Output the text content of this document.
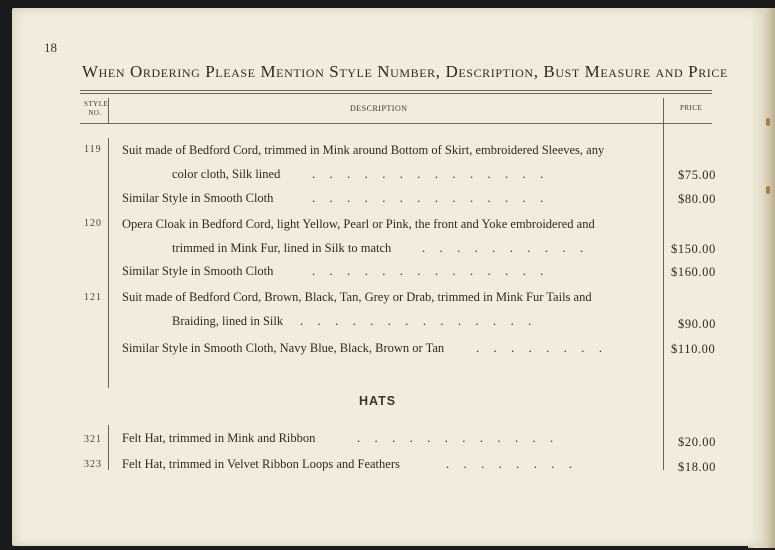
18
When Ordering Please Mention Style Number, Description, Bust Measure and Price
STYLE
NO.	DESCRIPTION	PRICE
119 Suit made of Bedford Cord, trimmed in Mink around Bottom of Skirt, embroidered Sleeves, any
color cloth, Silk lined	. . . . . . . . . . . . . .	$75.00
Similar Style in Smooth Cloth	. . . . . . . . . . . . . .	$80.00
120 Opera Cloak in Bedford Cord, light Yellow, Pearl or Pink, the front and Yoke embroidered and
trimmed in Mink Fur, lined in Silk to match . . . . . . . . . .	$150.00
Similar Style in Smooth Cloth	. . . . . . . . . . . . . .	$160.00
121 Suit made of Bedford Cord, Brown, Black, Tan, Grey or Drab, trimmed in Mink Fur Tails and
Braiding, lined in Silk . . . . . . . . . . . . . .	$90.00
Similar Style in Smooth Cloth, Navy Blue, Black, Brown or Tan	. . . . . . . .	$110.00
HATS
321 Felt Hat, trimmed in Mink and Ribbon	. . . . . . . . . . . .	$20.00
323 Felt Hat, trimmed in Velvet Ribbon Loops and Feathers	. . . . . . . .	$18.00
